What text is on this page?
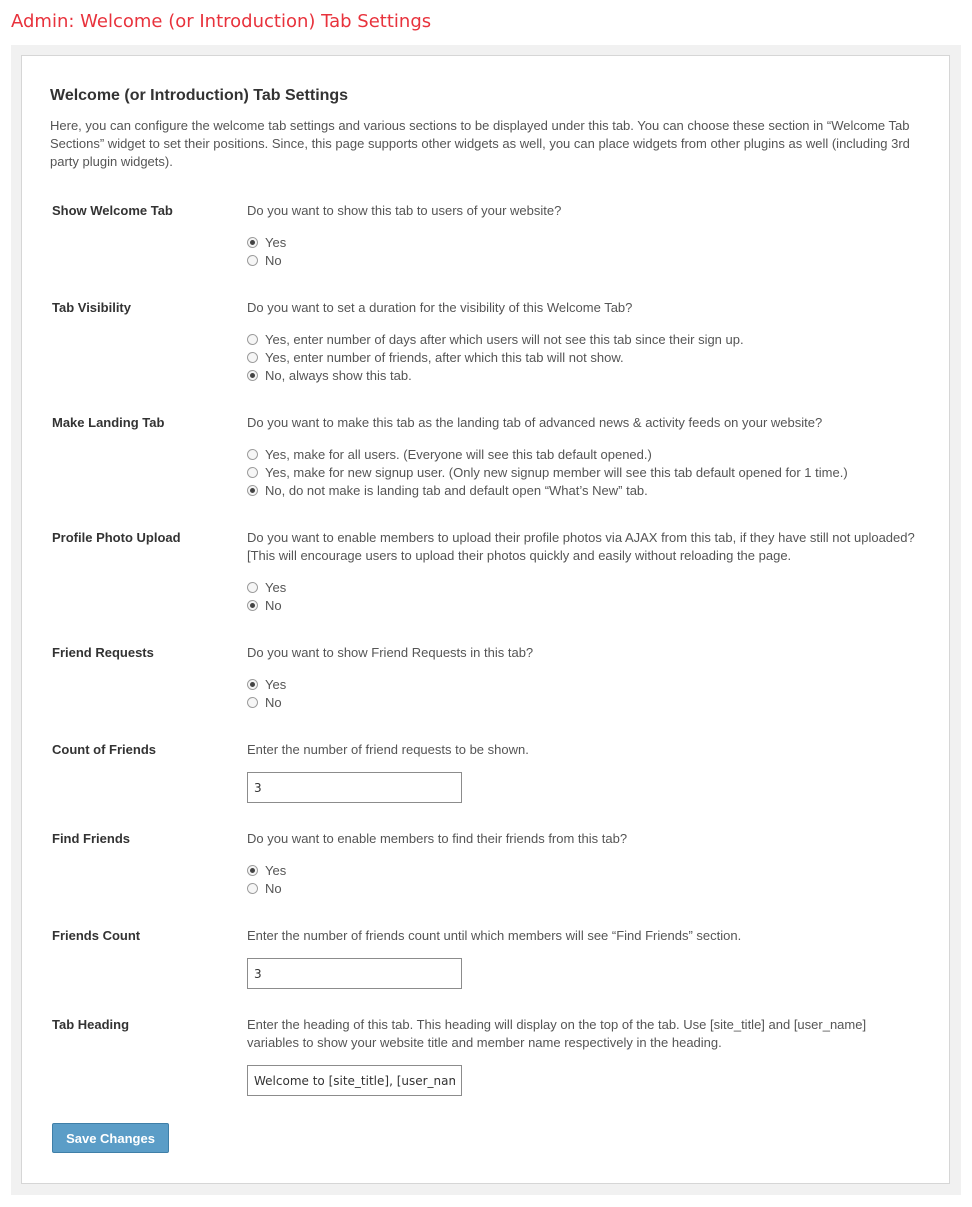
Admin: Welcome (or Introduction) Tab Settings
Welcome (or Introduction) Tab Settings

Here, you can configure the welcome tab settings and various sections to be displayed under this tab. You can choose these section in “Welcome Tab Sections” widget to set their positions. Since, this page supports other widgets as well, you can place widgets from other plugins as well (including 3rd party plugin widgets).

Show Welcome Tab	Do you want to show this tab to users of your website?

Yes
No
Tab Visibility	Do you want to set a duration for the visibility of this Welcome Tab?

Yes, enter number of days after which users will not see this tab since their sign up.
Yes, enter number of friends, after which this tab will not show.
No, always show this tab.
Make Landing Tab	Do you want to make this tab as the landing tab of advanced news & activity feeds on your website?

Yes, make for all users. (Everyone will see this tab default opened.)
Yes, make for new signup user. (Only new signup member will see this tab default opened for 1 time.)
No, do not make is landing tab and default open “What’s New” tab.
Profile Photo Upload	Do you want to enable members to upload their profile photos via AJAX from this tab, if they have still not uploaded? [This will encourage users to upload their photos quickly and easily without reloading the page.

Yes
No
Friend Requests	Do you want to show Friend Requests in this tab?

Yes
No
Count of Friends	Enter the number of friend requests to be shown.

3
Find Friends	Do you want to enable members to find their friends from this tab?

Yes
No
Friends Count	Enter the number of friends count until which members will see “Find Friends” section.

3
Tab Heading	Enter the heading of this tab. This heading will display on the top of the tab. Use [site_title] and [user_name] variables to show your website title and member name respectively in the heading.

Welcome to [site_title], [user_name]
Save Changes
